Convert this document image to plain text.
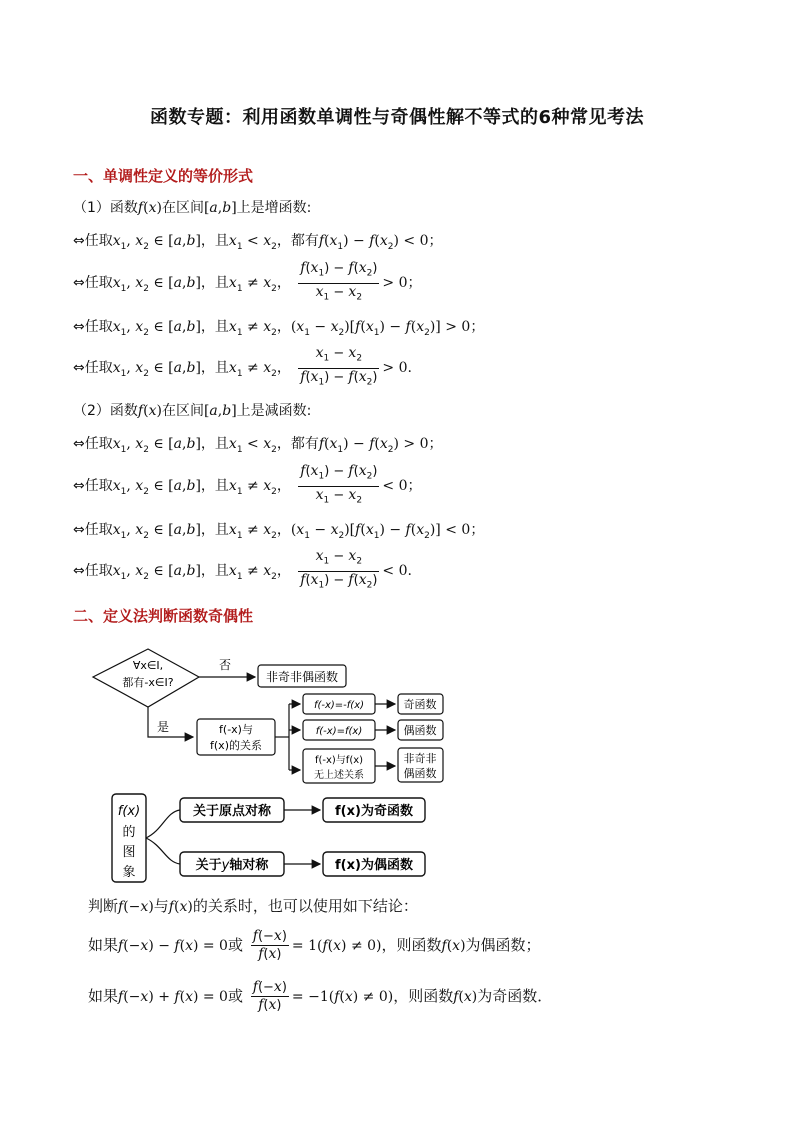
函数专题：利用函数单调性与奇偶性解不等式的6种常见考法
一、单调性定义的等价形式
（1）函数f(x)在区间[a,b]上是增函数:
⇔任取$x_1$, $x_2$ ∈ [a,b]，且$x_1 < x_2$，都有$f(x_1) - f(x_2) < 0$；
⇔任取$x_1$, $x_2$ ∈ [a,b]，且$x_1 \ne x_2$， $\frac{f(x_1) - f(x_2)}{x_1 - x_2} > 0$；
⇔任取$x_1$, $x_2$ ∈ [a,b]，且$x_1 \ne x_2$，$(x_1 - x_2)[f(x_1) - f(x_2)] > 0$；
⇔任取$x_1$, $x_2$ ∈ [a,b]，且$x_1 \ne x_2$， $\frac{x_1 - x_2}{f(x_1) - f(x_2)} > 0$.
（2）函数f(x)在区间[a,b]上是减函数:
⇔任取$x_1$, $x_2$ ∈ [a,b]，且$x_1 < x_2$，都有$f(x_1) - f(x_2) > 0$；
⇔任取$x_1$, $x_2$ ∈ [a,b]，且$x_1 \ne x_2$， $\frac{f(x_1) - f(x_2)}{x_1 - x_2} < 0$；
⇔任取$x_1$, $x_2$ ∈ [a,b]，且$x_1 \ne x_2$，$(x_1 - x_2)[f(x_1) - f(x_2)] < 0$；
⇔任取$x_1$, $x_2$ ∈ [a,b]，且$x_1 \ne x_2$， $\frac{x_1 - x_2}{f(x_1) - f(x_2)} < 0$.
二、定义法判断函数奇偶性
∀x∈I,
都有-x∈I?
否
非奇非偶函数
是	f(-x)与
f(x)的关系
f(-x)=-f(x)
f(-x)=f(x)
f(-x)与f(x)
无上述关系
奇函数
偶函数
非奇非
偶函数
f(x)
的
图
象
关于原点对称
关于y轴对称
f(x)为奇函数
f(x)为偶函数
判断f(−x)与f(x)的关系时，也可以使用如下结论：
如果f(−x) − f(x) = 0或 $\frac{f(-x)}{f(x)} = 1(f(x) \ne 0)$，则函数f(x)为偶函数；
如果f(−x) + f(x) = 0或 $\frac{f(-x)}{f(x)} = -1(f(x) \ne 0)$，则函数f(x)为奇函数．
